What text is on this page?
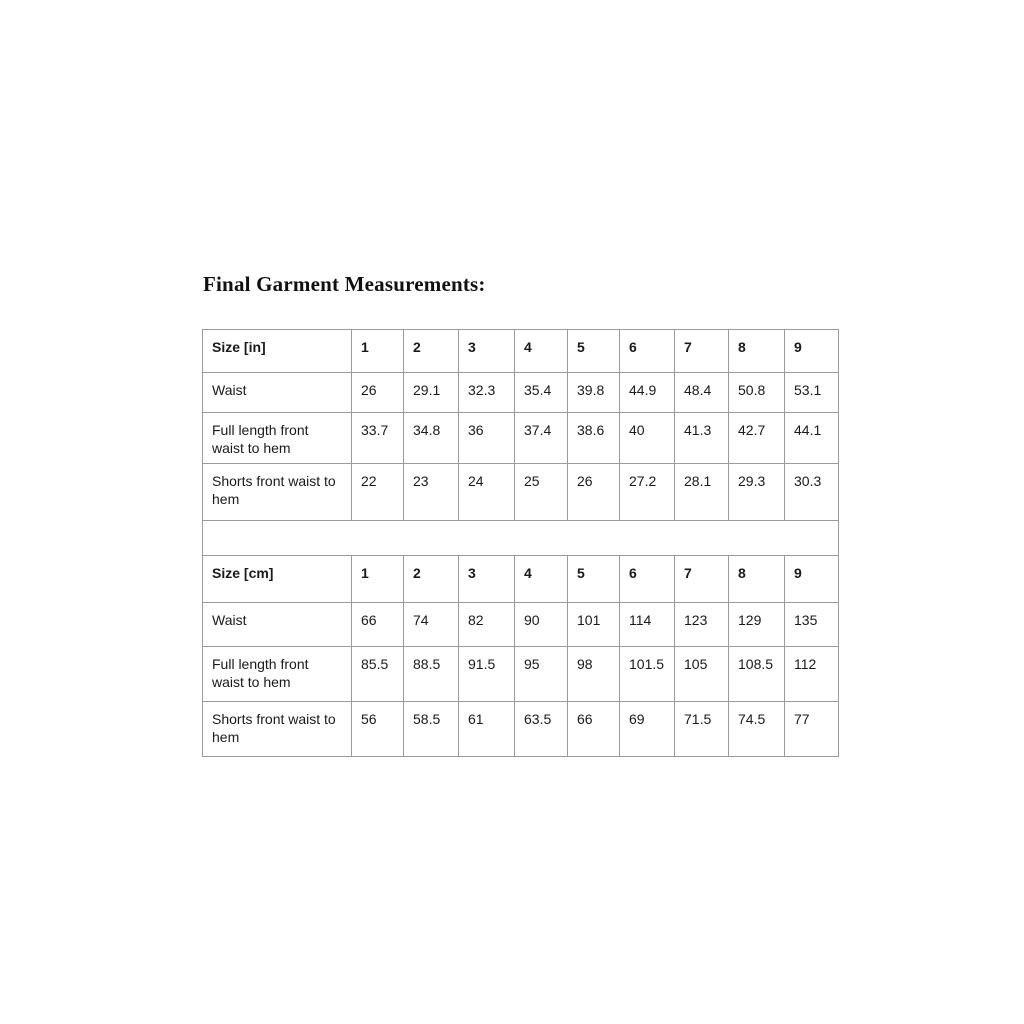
Final Garment Measurements:
Size [in]	1	2	3	4	5	6	7	8	9
Waist	26	29.1	32.3	35.4	39.8	44.9	48.4	50.8	53.1
Full length front waist to hem	33.7	34.8	36	37.4	38.6	40	41.3	42.7	44.1
Shorts front waist to hem	22	23	24	25	26	27.2	28.1	29.3	30.3

Size [cm]	1	2	3	4	5	6	7	8	9
Waist	66	74	82	90	101	114	123	129	135
Full length front waist to hem	85.5	88.5	91.5	95	98	101.5	105	108.5	112
Shorts front waist to hem	56	58.5	61	63.5	66	69	71.5	74.5	77
